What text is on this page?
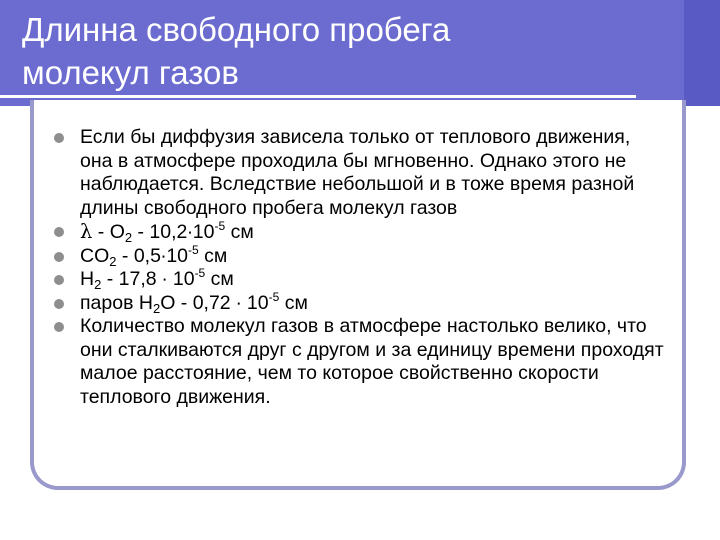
Длинна свободного пробега
молекул газов
Если бы диффузия зависела только от теплового движения, она в атмосфере проходила бы мгновенно. Однако этого не наблюдается. Вследствие небольшой и в тоже время разной длины свободного пробега молекул газов
$\lambda - O_2 - 10,2\cdot 10^{-5}$ см
$CO_2 - 0,5\cdot 10^{-5}$ см
$H_2 - 17,8 \cdot 10^{-5}$ см
паров $H_2O - 0,72 \cdot 10^{-5}$ см
Количество молекул газов в атмосфере настолько велико, что они сталкиваются друг с другом и за единицу времени проходят малое расстояние, чем то которое свойственно скорости теплового движения.
